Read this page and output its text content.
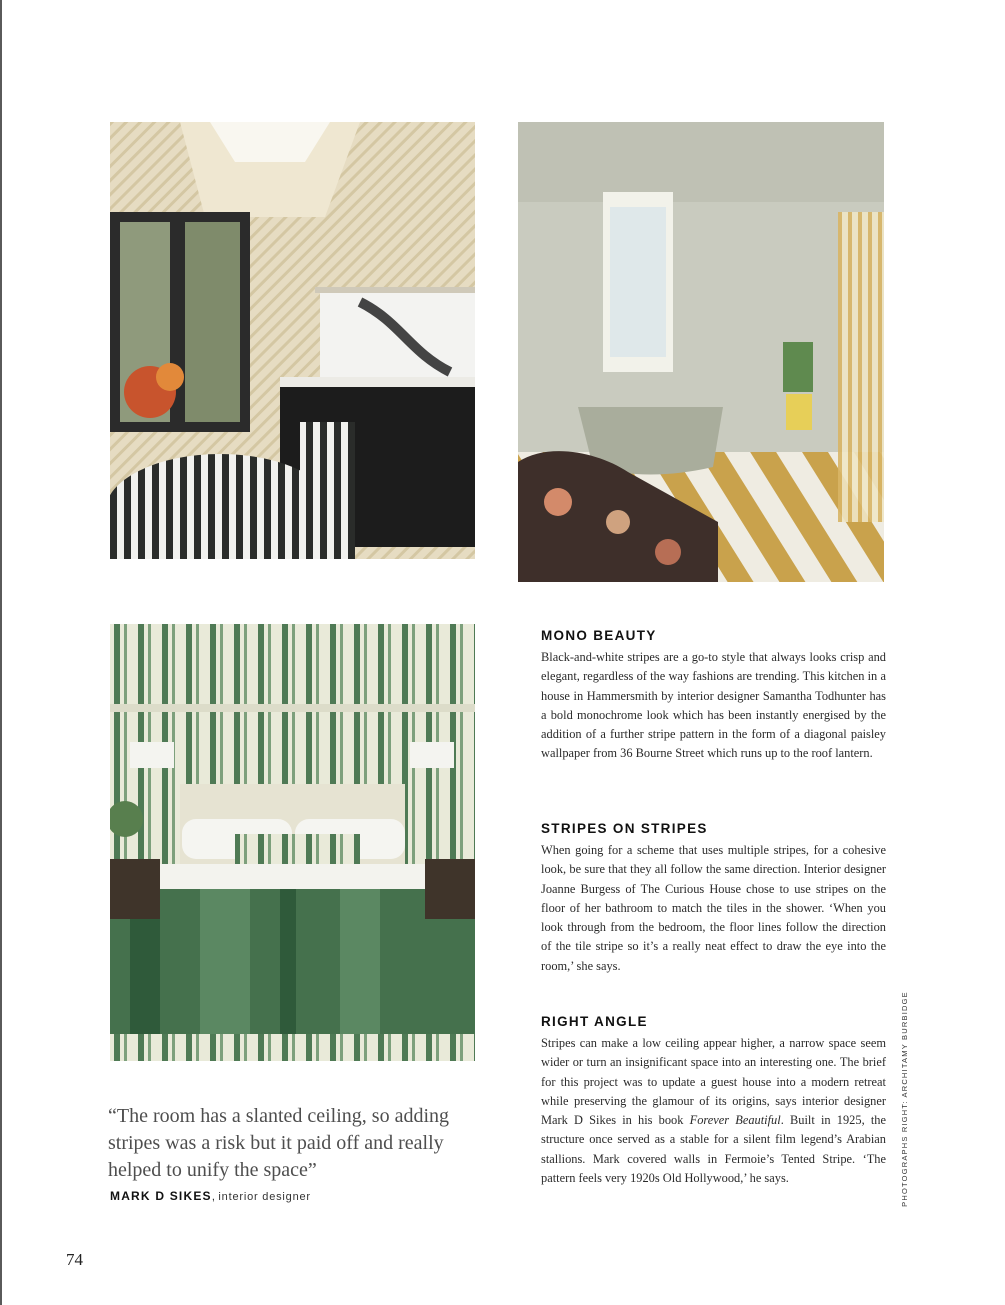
MONO BEAUTY

Black-and-white stripes are a go-to style that always looks crisp and elegant, regardless of the way fashions are trending. This kitchen in a house in Hammersmith by interior designer Samantha Todhunter has a bold monochrome look which has been instantly energised by the addition of a further stripe pattern in the form of a diagonal paisley wallpaper from 36 Bourne Street which runs up to the roof lantern.

STRIPES ON STRIPES

When going for a scheme that uses multiple stripes, for a cohesive look, be sure that they all follow the same direction. Interior designer Joanne Burgess of The Curious House chose to use stripes on the floor of her bathroom to match the tiles in the shower. ‘When you look through from the bedroom, the floor lines follow the direction of the tile stripe so it’s a really neat effect to draw the eye into the room,’ she says.

RIGHT ANGLE

Stripes can make a low ceiling appear higher, a narrow space seem wider or turn an insignificant space into an interesting one. The brief for this project was to update a guest house into a modern retreat while preserving the glamour of its origins, says interior designer Mark D Sikes in his book Forever Beautiful. Built in 1925, the structure once served as a stable for a silent film legend’s Arabian stallions. Mark covered walls in Fermoie’s Tented Stripe. ‘The pattern feels very 1920s Old Hollywood,’ he says.

“The room has a slanted ceiling, so adding stripes was a risk but it paid off and really helped to unify the space”

MARK D SIKES, interior designer	PHOTOGRAPHS RIGHT: ARCHITAMY BURBIDGE
74
